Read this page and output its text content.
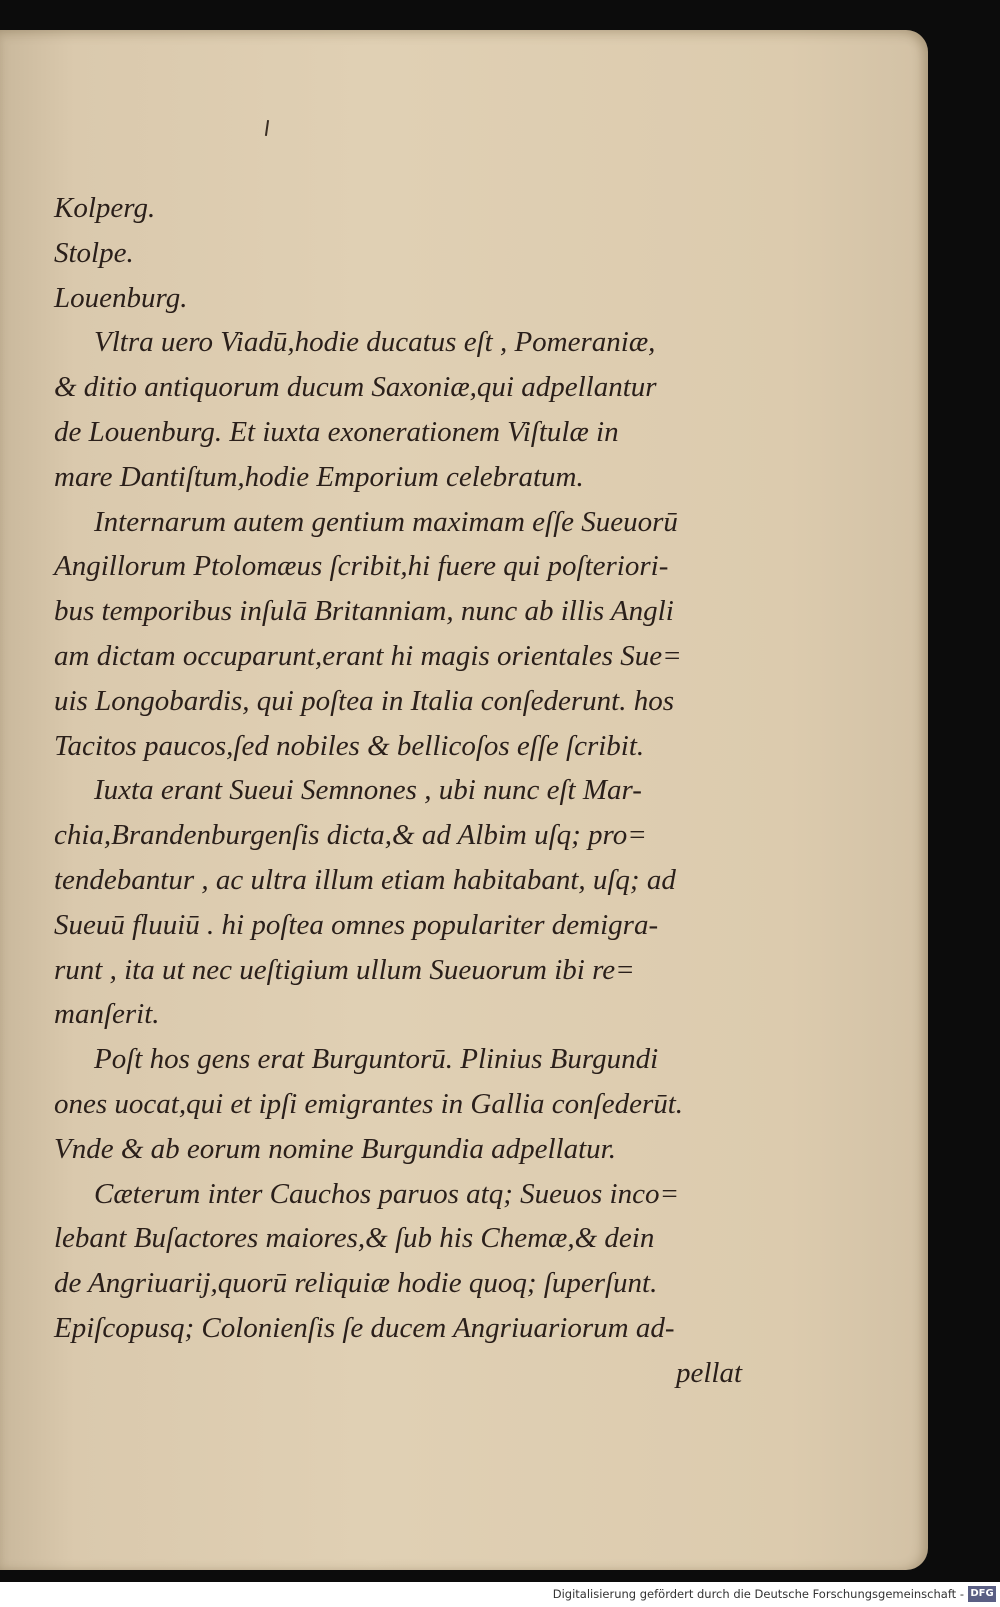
Kolperg.
Stolpe.
Louenburg.
Vltra uero Viadū,hodie ducatus eſt , Pomeraniæ,
& ditio antiquorum ducum Saxoniæ,qui adpellantur
de Louenburg. Et iuxta exonerationem Viſtulæ in
mare Dantiſtum,hodie Emporium celebratum.
Internarum autem gentium maximam eſſe Sueuorū
Angillorum Ptolomæus ſcribit,hi fuere qui poſteriori-
bus temporibus inſulā Britanniam, nunc ab illis Angli
am dictam occuparunt,erant hi magis orientales Sue=
uis Longobardis, qui poſtea in Italia conſederunt. hos
Tacitos paucos,ſed nobiles & bellicoſos eſſe ſcribit.
Iuxta erant Sueui Semnones , ubi nunc eſt Mar-
chia,Brandenburgenſis dicta,& ad Albim uſq; pro=
tendebantur , ac ultra illum etiam habitabant, uſq; ad
Sueuū fluuiū . hi poſtea omnes populariter demigra-
runt , ita ut nec ueſtigium ullum Sueuorum ibi re=
manſerit.
Poſt hos gens erat Burguntorū. Plinius Burgundi
ones uocat,qui et ipſi emigrantes in Gallia conſederūt.
Vnde & ab eorum nomine Burgundia adpellatur.
Cæterum inter Cauchos paruos atq; Sueuos inco=
lebant Buſactores maiores,& ſub his Chemæ,& dein
de Angriuarij,quorū reliquiæ hodie quoq; ſuperſunt.
Epiſcopusq; Colonienſis ſe ducem Angriuariorum ad-
pellat
Digitalisierung gefördert durch die Deutsche Forschungsgemeinschaft - DFG
